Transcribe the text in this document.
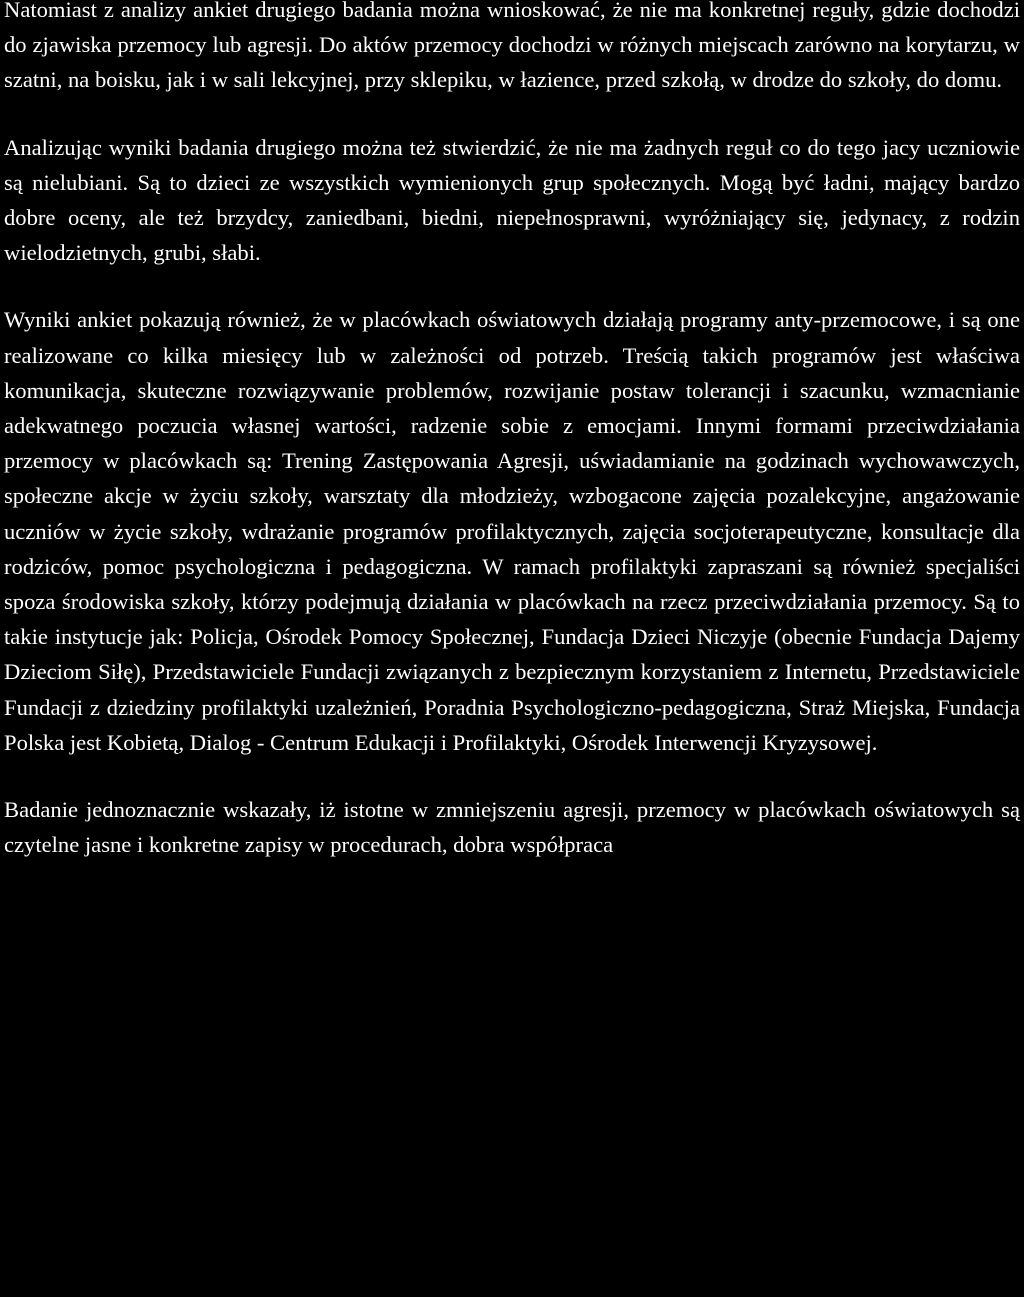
Natomiast z analizy ankiet drugiego badania można wnioskować, że nie ma konkretnej reguły, gdzie dochodzi do zjawiska przemocy lub agresji. Do aktów przemocy dochodzi w różnych miejscach zarówno na korytarzu, w szatni, na boisku, jak i w sali lekcyjnej, przy sklepiku, w łazience, przed szkołą, w drodze do szkoły, do domu.

Analizując wyniki badania drugiego można też stwierdzić, że nie ma żadnych reguł co do tego jacy uczniowie są nielubiani. Są to dzieci ze wszystkich wymienionych grup społecznych. Mogą być ładni, mający bardzo dobre oceny, ale też brzydcy, zaniedbani, biedni, niepełnosprawni, wyróżniający się, jedynacy, z rodzin wielodzietnych, grubi, słabi.

Wyniki ankiet pokazują również, że w placówkach oświatowych działają programy anty-przemocowe, i są one realizowane co kilka miesięcy lub w zależności od potrzeb. Treścią takich programów jest właściwa komunikacja, skuteczne rozwiązywanie problemów, rozwijanie postaw tolerancji i szacunku, wzmacnianie adekwatnego poczucia własnej wartości, radzenie sobie z emocjami. Innymi formami przeciwdziałania przemocy w placówkach są: Trening Zastępowania Agresji, uświadamianie na godzinach wychowawczych, społeczne akcje w życiu szkoły, warsztaty dla młodzieży, wzbogacone zajęcia pozalekcyjne, angażowanie uczniów w życie szkoły, wdrażanie programów profilaktycznych, zajęcia socjoterapeutyczne, konsultacje dla rodziców, pomoc psychologiczna i pedagogiczna. W ramach profilaktyki zapraszani są również specjaliści spoza środowiska szkoły, którzy podejmują działania w placówkach na rzecz przeciwdziałania przemocy. Są to takie instytucje jak: Policja, Ośrodek Pomocy Społecznej, Fundacja Dzieci Niczyje (obecnie Fundacja Dajemy Dzieciom Siłę), Przedstawiciele Fundacji związanych z bezpiecznym korzystaniem z Internetu, Przedstawiciele Fundacji z dziedziny profilaktyki uzależnień, Poradnia Psychologiczno-pedagogiczna, Straż Miejska, Fundacja Polska jest Kobietą, Dialog - Centrum Edukacji i Profilaktyki, Ośrodek Interwencji Kryzysowej.

Badanie jednoznacznie wskazały, iż istotne w zmniejszeniu agresji, przemocy w placówkach oświatowych są czytelne jasne i konkretne zapisy w procedurach, dobra współpraca
